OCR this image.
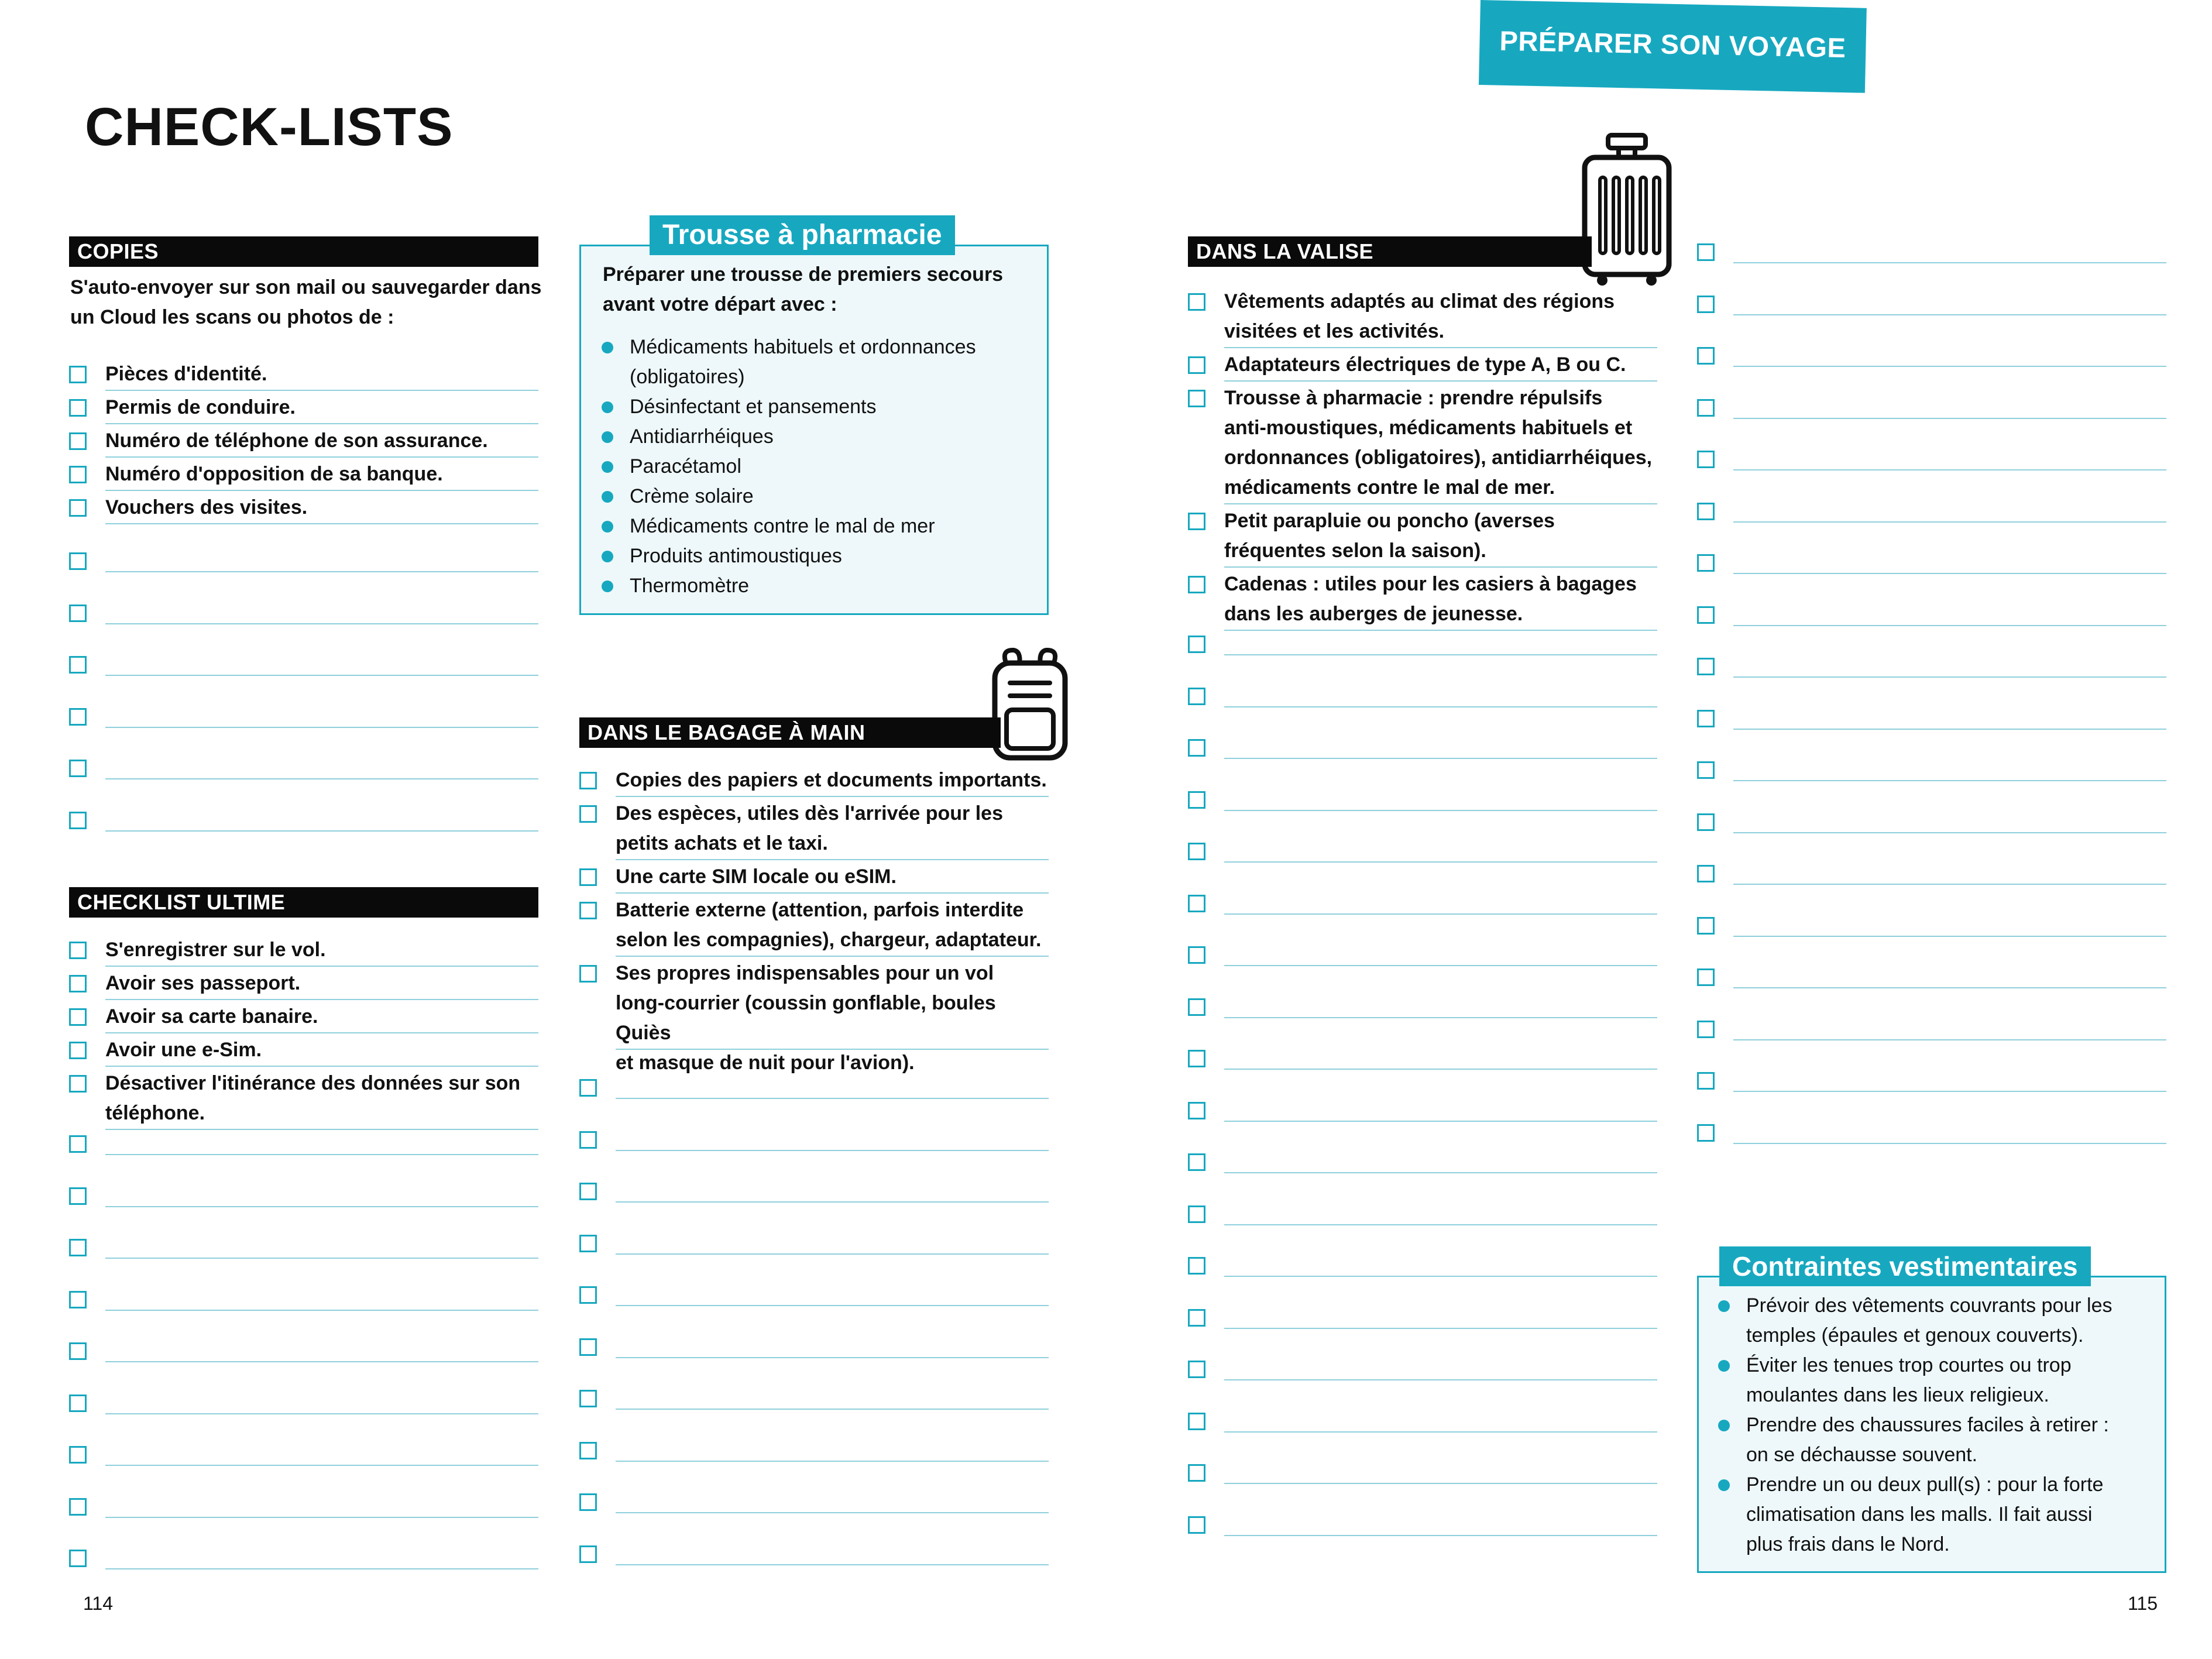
PRÉPARER SON VOYAGE
CHECK-LISTS
COPIES
CHECKLIST ULTIME
DANS LE BAGAGE À MAIN
DANS LA VALISE
S'auto-envoyer sur son mail ou sauvegarder dans
un Cloud les scans ou photos de :
Trousse à pharmacie
Préparer une trousse de premiers secours
avant votre départ avec :
Médicaments habituels et ordonnances
(obligatoires)
Désinfectant et pansements
Antidiarrhéiques
Paracétamol
Crème solaire
Médicaments contre le mal de mer
Produits antimoustiques
Thermomètre
Contraintes vestimentaires
Prévoir des vêtements couvrants pour les
temples (épaules et genoux couverts).
Éviter les tenues trop courtes ou trop
moulantes dans les lieux religieux.
Prendre des chaussures faciles à retirer :
on se déchausse souvent.
Prendre un ou deux pull(s) : pour la forte
climatisation dans les malls. Il fait aussi
plus frais dans le Nord.
Pièces d'identité.
Permis de conduire.
Numéro de téléphone de son assurance.
Numéro d'opposition de sa banque.
Vouchers des visites.
S'enregistrer sur le vol.
Avoir ses passeport.
Avoir sa carte banaire.
Avoir une e-Sim.
Désactiver l'itinérance des données sur son
téléphone.
Copies des papiers et documents importants.
Des espèces, utiles dès l'arrivée pour les
petits achats et le taxi.
Une carte SIM locale ou eSIM.
Batterie externe (attention, parfois interdite
selon les compagnies), chargeur, adaptateur.
Ses propres indispensables pour un vol
long-courrier (coussin gonflable, boules Quiès
et masque de nuit pour l'avion).
Vêtements adaptés au climat des régions
visitées et les activités.
Adaptateurs électriques de type A, B ou C.
Trousse à pharmacie : prendre répulsifs
anti-moustiques, médicaments habituels et
ordonnances (obligatoires), antidiarrhéiques,
médicaments contre le mal de mer.
Petit parapluie ou poncho (averses
fréquentes selon la saison).
Cadenas : utiles pour les casiers à bagages
dans les auberges de jeunesse.
114	115
